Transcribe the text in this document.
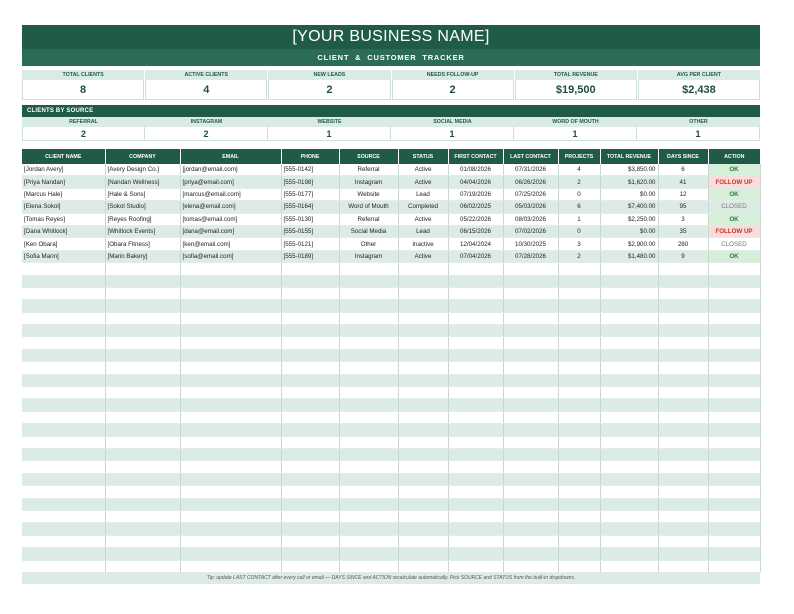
[YOUR BUSINESS NAME]
CLIENT & CUSTOMER TRACKER
TOTAL CLIENTS
8
ACTIVE CLIENTS
4
NEW LEADS
2
NEEDS FOLLOW-UP
2
TOTAL REVENUE
$19,500
AVG PER CLIENT
$2,438
CLIENTS BY SOURCE
REFERRAL
2
INSTAGRAM
2
WEBSITE
1
SOCIAL MEDIA
1
WORD OF MOUTH
1
OTHER
1
CLIENT NAME	COMPANY	EMAIL	PHONE	SOURCE	STATUS	FIRST CONTACT	LAST CONTACT	PROJECTS	TOTAL REVENUE	DAYS SINCE	ACTION
[Jordan Avery]	[Avery Design Co.]	[jordan@email.com]	[555-0142]	Referral	Active	01/08/2026	07/31/2026	4	$3,850.00	6	OK
[Priya Nandan]	[Nandan Wellness]	[priya@email.com]	[555-0198]	Instagram	Active	04/04/2026	06/26/2026	2	$1,620.00	41	FOLLOW UP
[Marcus Hale]	[Hale & Sons]	[marcus@email.com]	[555-0177]	Website	Lead	07/19/2026	07/25/2026	0	$0.00	12	OK
[Elena Sokol]	[Sokol Studio]	[elena@email.com]	[555-0164]	Word of Mouth	Completed	06/02/2025	05/03/2026	6	$7,400.00	95	CLOSED
[Tomas Reyes]	[Reyes Roofing]	[tomas@email.com]	[555-0130]	Referral	Active	05/22/2026	08/03/2026	1	$2,250.00	3	OK
[Dana Whitlock]	[Whitlock Events]	[dana@email.com]	[555-0155]	Social Media	Lead	06/15/2026	07/02/2026	0	$0.00	35	FOLLOW UP
[Ken Obara]	[Obara Fitness]	[ken@email.com]	[555-0121]	Other	Inactive	12/04/2024	10/30/2025	3	$2,900.00	280	CLOSED
[Sofia Marin]	[Marin Bakery]	[sofia@email.com]	[555-0189]	Instagram	Active	07/04/2026	07/28/2026	2	$1,480.00	9	OK

Tip: update LAST CONTACT after every call or email — DAYS SINCE and ACTION recalculate automatically. Pick SOURCE and STATUS from the built-in dropdowns.
